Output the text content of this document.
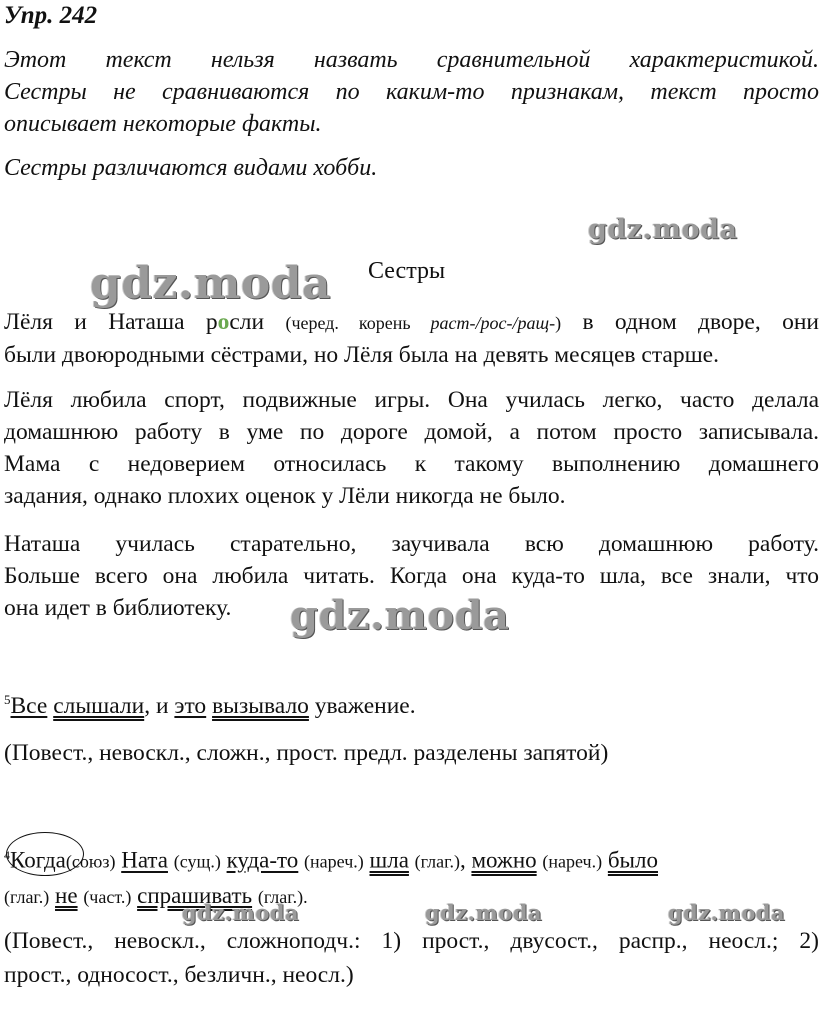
Упр. 242
Этот текст нельзя назвать сравнительной характеристикой.
Сестры не сравниваются по каким-то признакам, текст просто
описывает некоторые факты.
Сестры различаются видами хобби.
gdz.moda
gdz.moda Сестры
Лёля и Наташа росли (черед. корень раст-/рос-/ращ-) в одном дворе, они
были двоюродными сёстрами, но Лёля была на девять месяцев старше.
Лёля любила спорт, подвижные игры. Она училась легко, часто делала
домашнюю работу в уме по дороге домой, а потом просто записывала.
Мама с недоверием относилась к такому выполнению домашнего
задания, однако плохих оценок у Лёли никогда не было.
Наташа училась старательно, заучивала всю домашнюю работу.
Больше всего она любила читать. Когда она куда-то шла, все знали, что
она идет в библиотеку.	gdz.moda
$^5$Все слышали, и это вызывало уважение.
(Повест., невоскл., сложн., прост. предл. разделены запятой)
$^4$Когда(союз) Ната (сущ.) куда-то (нареч.) шла (глаг.), можно (нареч.) было
(глаг.) не (част.) спрашивать (глаг.).
gdz.moda	gdz.moda	gdz.moda
(Повест., невоскл., сложноподч.: 1) прост., двусост., распр., неосл.; 2)
прост., односост., безличн., неосл.)
